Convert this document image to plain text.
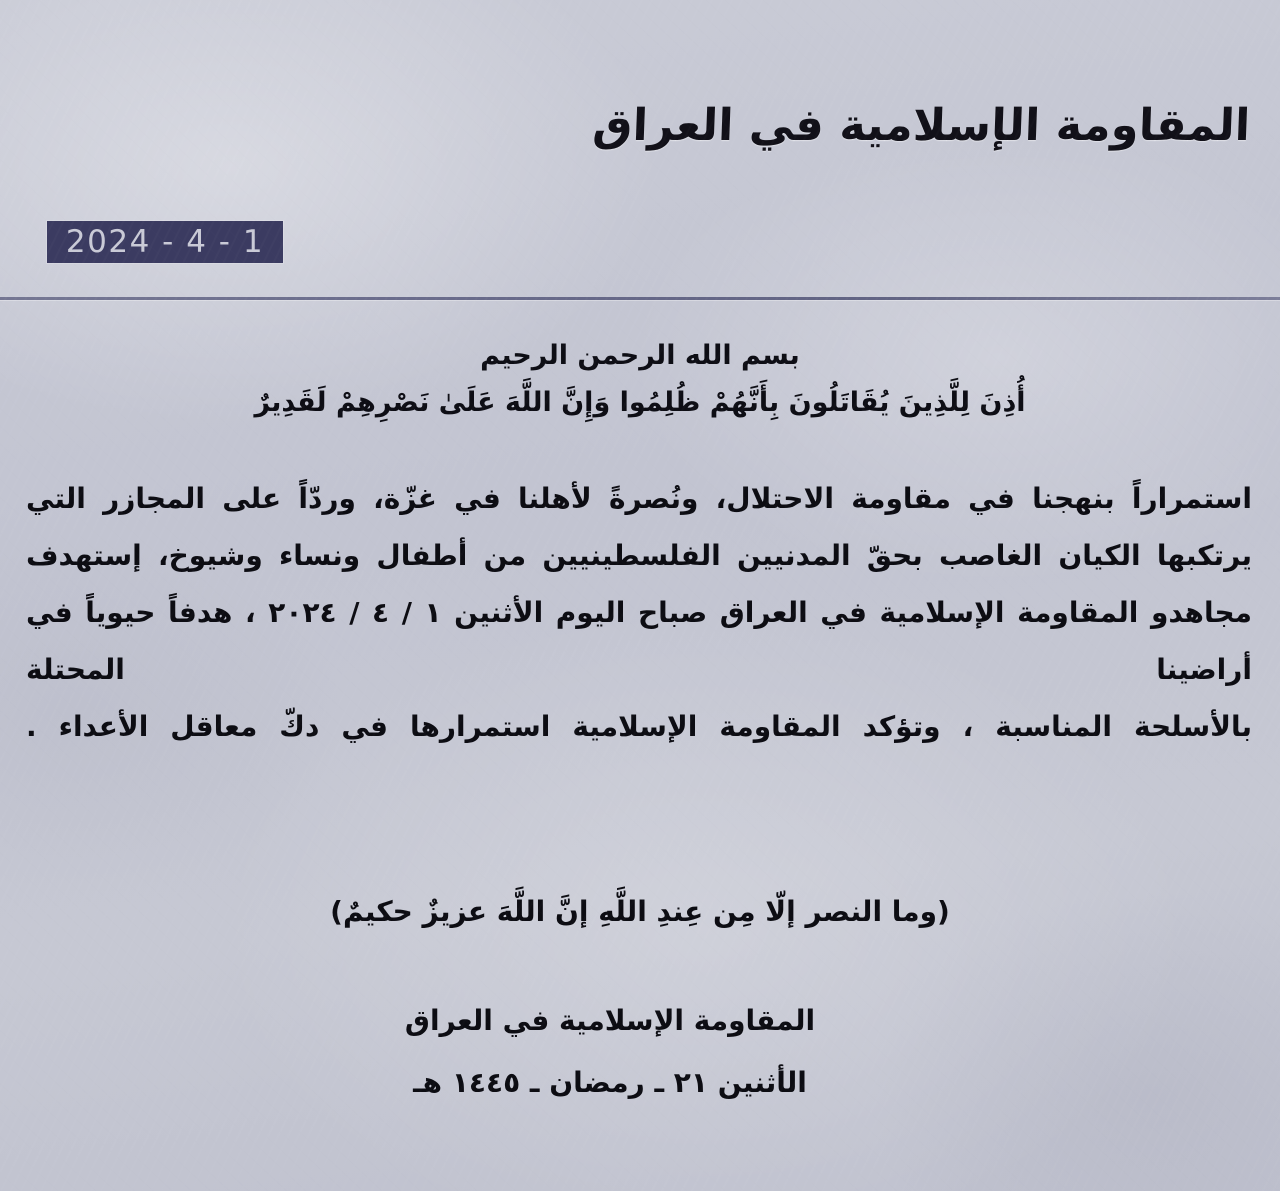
المقاومة الإسلامية في العراق
2024 - 4 - 1
بسم الله الرحمن الرحيم
أُذِنَ لِلَّذِينَ يُقَاتَلُونَ بِأَنَّهُمْ ظُلِمُوا وَإِنَّ اللَّهَ عَلَىٰ نَصْرِهِمْ لَقَدِيرٌ
استمراراً بنهجنا في مقاومة الاحتلال، ونُصرةً لأهلنا في غزّة، وردّاً على المجازر التي يرتكبها الكيان الغاصب بحقّ المدنيين الفلسطينيين من أطفال ونساء وشيوخ، إستهدف مجاهدو المقاومة الإسلامية في العراق صباح اليوم الأثنين ١ / ٤ / ٢٠٢٤ ، هدفاً حيوياً في أراضينا المحتلة
بالأسلحة المناسبة ، وتؤكد المقاومة الإسلامية استمرارها في دكّ معاقل الأعداء .
(وما النصر إلّا مِن عِندِ اللَّهِ إنَّ اللَّهَ عزيزٌ حكيمٌ)
المقاومة الإسلامية في العراق
الأثنين ٢١ ـ رمضان ـ ١٤٤٥ هـ
